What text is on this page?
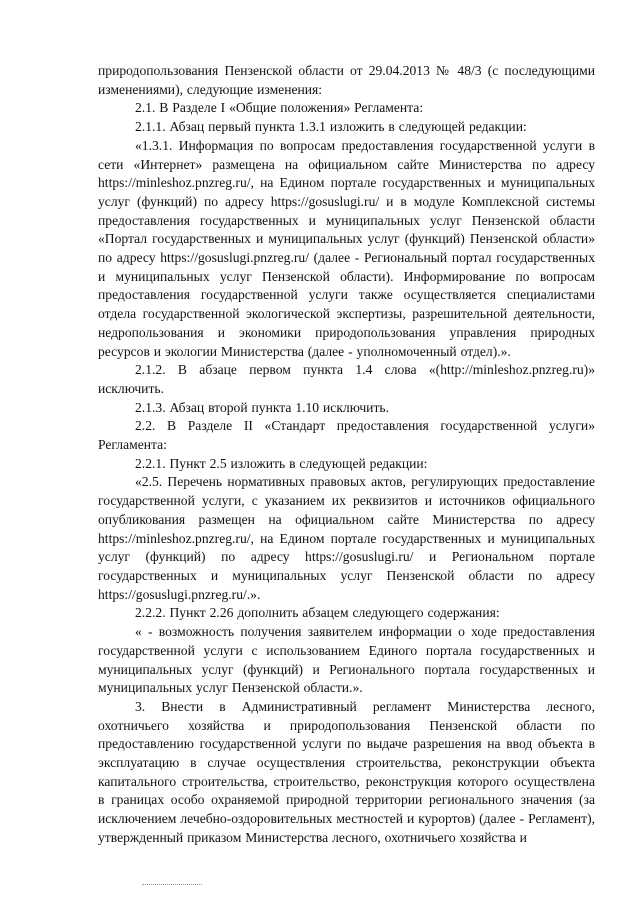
природопользования Пензенской области от 29.04.2013 № 48/3 (с последующими изменениями), следующие изменения:

2.1. В Разделе I «Общие положения» Регламента:

2.1.1. Абзац первый пункта 1.3.1 изложить в следующей редакции:

«1.3.1. Информация по вопросам предоставления государственной услуги в сети «Интернет» размещена на официальном сайте Министерства по адресу https://minleshoz.pnzreg.ru/, на Едином портале государственных и муниципальных услуг (функций) по адресу https://gosuslugi.ru/ и в модуле Комплексной системы предоставления государственных и муниципальных услуг Пензенской области «Портал государственных и муниципальных услуг (функций) Пензенской области» по адресу https://gosuslugi.pnzreg.ru/ (далее - Региональный портал государственных и муниципальных услуг Пензенской области). Информирование по вопросам предоставления государственной услуги также осуществляется специалистами отдела государственной экологической экспертизы, разрешительной деятельности, недропользования и экономики природопользования управления природных ресурсов и экологии Министерства (далее - уполномоченный отдел).».

2.1.2. В абзаце первом пункта 1.4 слова «(http://minleshoz.pnzreg.ru)» исключить.

2.1.3. Абзац второй пункта 1.10 исключить.

2.2. В Разделе II «Стандарт предоставления государственной услуги» Регламента:

2.2.1. Пункт 2.5 изложить в следующей редакции:

«2.5. Перечень нормативных правовых актов, регулирующих предоставление государственной услуги, с указанием их реквизитов и источников официального опубликования размещен на официальном сайте Министерства по адресу https://minleshoz.pnzreg.ru/, на Едином портале государственных и муниципальных услуг (функций) по адресу https://gosuslugi.ru/ и Региональном портале государственных и муниципальных услуг Пензенской области по адресу https://gosuslugi.pnzreg.ru/.».

2.2.2. Пункт 2.26 дополнить абзацем следующего содержания:

« - возможность получения заявителем информации о ходе предоставления государственной услуги с использованием Единого портала государственных и муниципальных услуг (функций) и Регионального портала государственных и муниципальных услуг Пензенской области.».

3. Внести в Административный регламент Министерства лесного, охотничьего хозяйства и природопользования Пензенской области по предоставлению государственной услуги по выдаче разрешения на ввод объекта в эксплуатацию в случае осуществления строительства, реконструкции объекта капитального строительства, строительство, реконструкция которого осуществлена в границах особо охраняемой природной территории регионального значения (за исключением лечебно-оздоровительных местностей и курортов) (далее - Регламент), утвержденный приказом Министерства лесного, охотничьего хозяйства и
